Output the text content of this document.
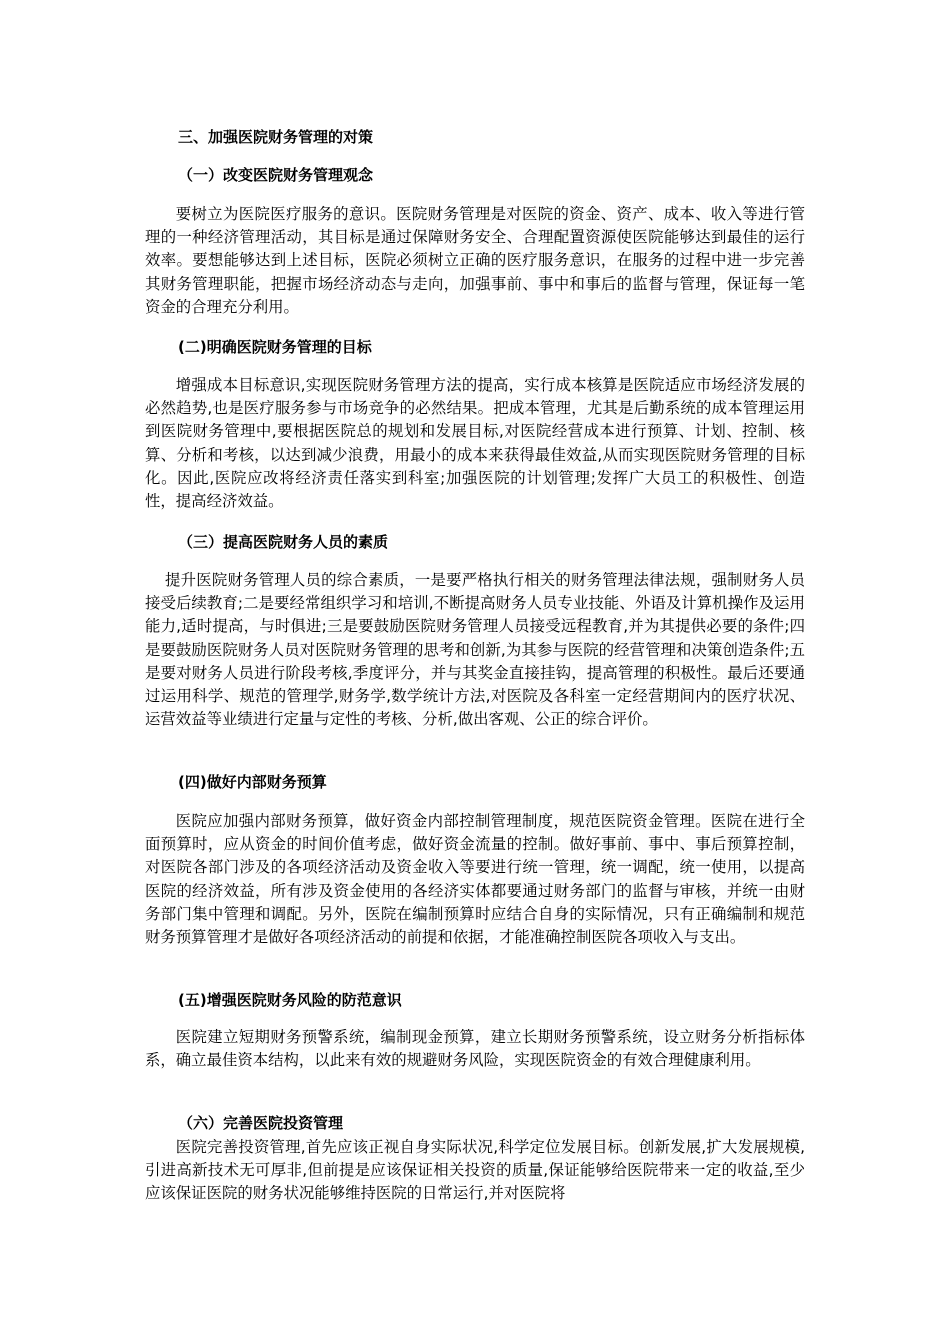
三、加强医院财务管理的对策
（一）改变医院财务管理观念
要树立为医院医疗服务的意识。医院财务管理是对医院的资金、资产、成本、收入等进行管理的一种经济管理活动，其目标是通过保障财务安全、合理配置资源使医院能够达到最佳的运行效率。要想能够达到上述目标，医院必须树立正确的医疗服务意识，在服务的过程中进一步完善其财务管理职能，把握市场经济动态与走向，加强事前、事中和事后的监督与管理，保证每一笔资金的合理充分利用。
(二)明确医院财务管理的目标
增强成本目标意识,实现医院财务管理方法的提高，实行成本核算是医院适应市场经济发展的必然趋势,也是医疗服务参与市场竞争的必然结果。把成本管理，尤其是后勤系统的成本管理运用到医院财务管理中,要根据医院总的规划和发展目标,对医院经营成本进行预算、计划、控制、核算、分析和考核，以达到减少浪费，用最小的成本来获得最佳效益,从而实现医院财务管理的目标化。因此,医院应改将经济责任落实到科室;加强医院的计划管理;发挥广大员工的积极性、创造性，提高经济效益。
（三）提高医院财务人员的素质
提升医院财务管理人员的综合素质，一是要严格执行相关的财务管理法律法规，强制财务人员接受后续教育;二是要经常组织学习和培训,不断提高财务人员专业技能、外语及计算机操作及运用能力,适时提高，与时俱进;三是要鼓励医院财务管理人员接受远程教育,并为其提供必要的条件;四是要鼓励医院财务人员对医院财务管理的思考和创新,为其参与医院的经营管理和决策创造条件;五是要对财务人员进行阶段考核,季度评分，并与其奖金直接挂钩，提高管理的积极性。最后还要通过运用科学、规范的管理学,财务学,数学统计方法,对医院及各科室一定经营期间内的医疗状况、运营效益等业绩进行定量与定性的考核、分析,做出客观、公正的综合评价。
(四)做好内部财务预算
医院应加强内部财务预算，做好资金内部控制管理制度，规范医院资金管理。医院在进行全面预算时，应从资金的时间价值考虑，做好资金流量的控制。做好事前、事中、事后预算控制，对医院各部门涉及的各项经济活动及资金收入等要进行统一管理，统一调配，统一使用，以提高医院的经济效益，所有涉及资金使用的各经济实体都要通过财务部门的监督与审核，并统一由财务部门集中管理和调配。另外，医院在编制预算时应结合自身的实际情况，只有正确编制和规范财务预算管理才是做好各项经济活动的前提和依据，才能准确控制医院各项收入与支出。
(五)增强医院财务风险的防范意识
医院建立短期财务预警系统，编制现金预算，建立长期财务预警系统，设立财务分析指标体系，确立最佳资本结构，以此来有效的规避财务风险，实现医院资金的有效合理健康利用。
（六）完善医院投资管理
医院完善投资管理,首先应该正视自身实际状况,科学定位发展目标。创新发展,扩大发展规模,引进高新技术无可厚非,但前提是应该保证相关投资的质量,保证能够给医院带来一定的收益,至少应该保证医院的财务状况能够维持医院的日常运行,并对医院将
